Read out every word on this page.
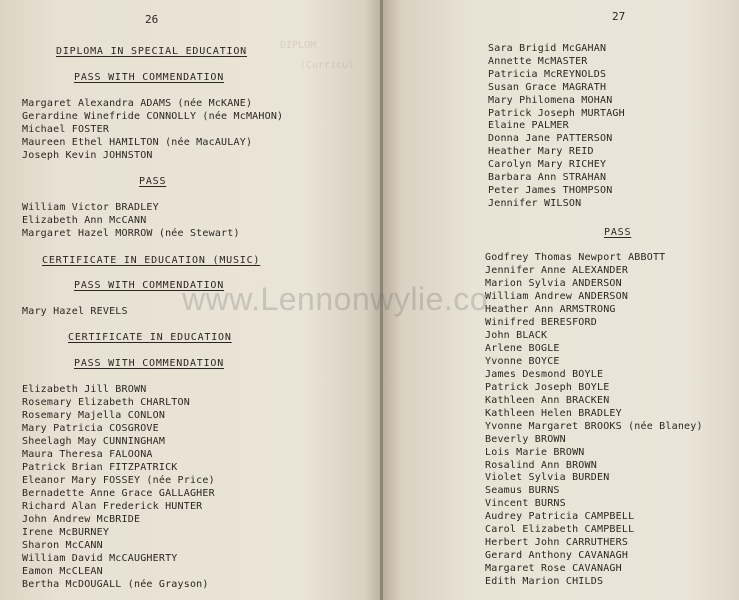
DIPLOM
(Curricul
26
DIPLOMA IN SPECIAL EDUCATION
PASS WITH COMMENDATION
Margaret Alexandra ADAMS (née McKANE)
Gerardine Winefride CONNOLLY (née McMAHON)
Michael FOSTER
Maureen Ethel HAMILTON (née MacAULAY)
Joseph Kevin JOHNSTON
PASS
William Victor BRADLEY
Elizabeth Ann McCANN
Margaret Hazel MORROW (née Stewart)
CERTIFICATE IN EDUCATION (MUSIC)
PASS WITH COMMENDATION
Mary Hazel REVELS
CERTIFICATE IN EDUCATION
PASS WITH COMMENDATION
Elizabeth Jill BROWN
Rosemary Elizabeth CHARLTON
Rosemary Majella CONLON
Mary Patricia COSGROVE
Sheelagh May CUNNINGHAM
Maura Theresa FALOONA
Patrick Brian FITZPATRICK
Eleanor Mary FOSSEY (née Price)
Bernadette Anne Grace GALLAGHER
Richard Alan Frederick HUNTER
John Andrew McBRIDE
Irene McBURNEY
Sharon McCANN
William David McCAUGHERTY
Eamon McCLEAN
Bertha McDOUGALL (née Grayson)
27
Sara Brigid McGAHAN
Annette McMASTER
Patricia McREYNOLDS
Susan Grace MAGRATH
Mary Philomena MOHAN
Patrick Joseph MURTAGH
Elaine PALMER
Donna Jane PATTERSON
Heather Mary REID
Carolyn Mary RICHEY
Barbara Ann STRAHAN
Peter James THOMPSON
Jennifer WILSON
PASS
Godfrey Thomas Newport ABBOTT
Jennifer Anne ALEXANDER
Marion Sylvia ANDERSON
William Andrew ANDERSON
Heather Ann ARMSTRONG
Winifred BERESFORD
John BLACK
Arlene BOGLE
Yvonne BOYCE
James Desmond BOYLE
Patrick Joseph BOYLE
Kathleen Ann BRACKEN
Kathleen Helen BRADLEY
Yvonne Margaret BROOKS (née Blaney)
Beverly BROWN
Lois Marie BROWN
Rosalind Ann BROWN
Violet Sylvia BURDEN
Seamus BURNS
Vincent BURNS
Audrey Patricia CAMPBELL
Carol Elizabeth CAMPBELL
Herbert John CARRUTHERS
Gerard Anthony CAVANAGH
Margaret Rose CAVANAGH
Edith Marion CHILDS
www.Lennonwylie.co
